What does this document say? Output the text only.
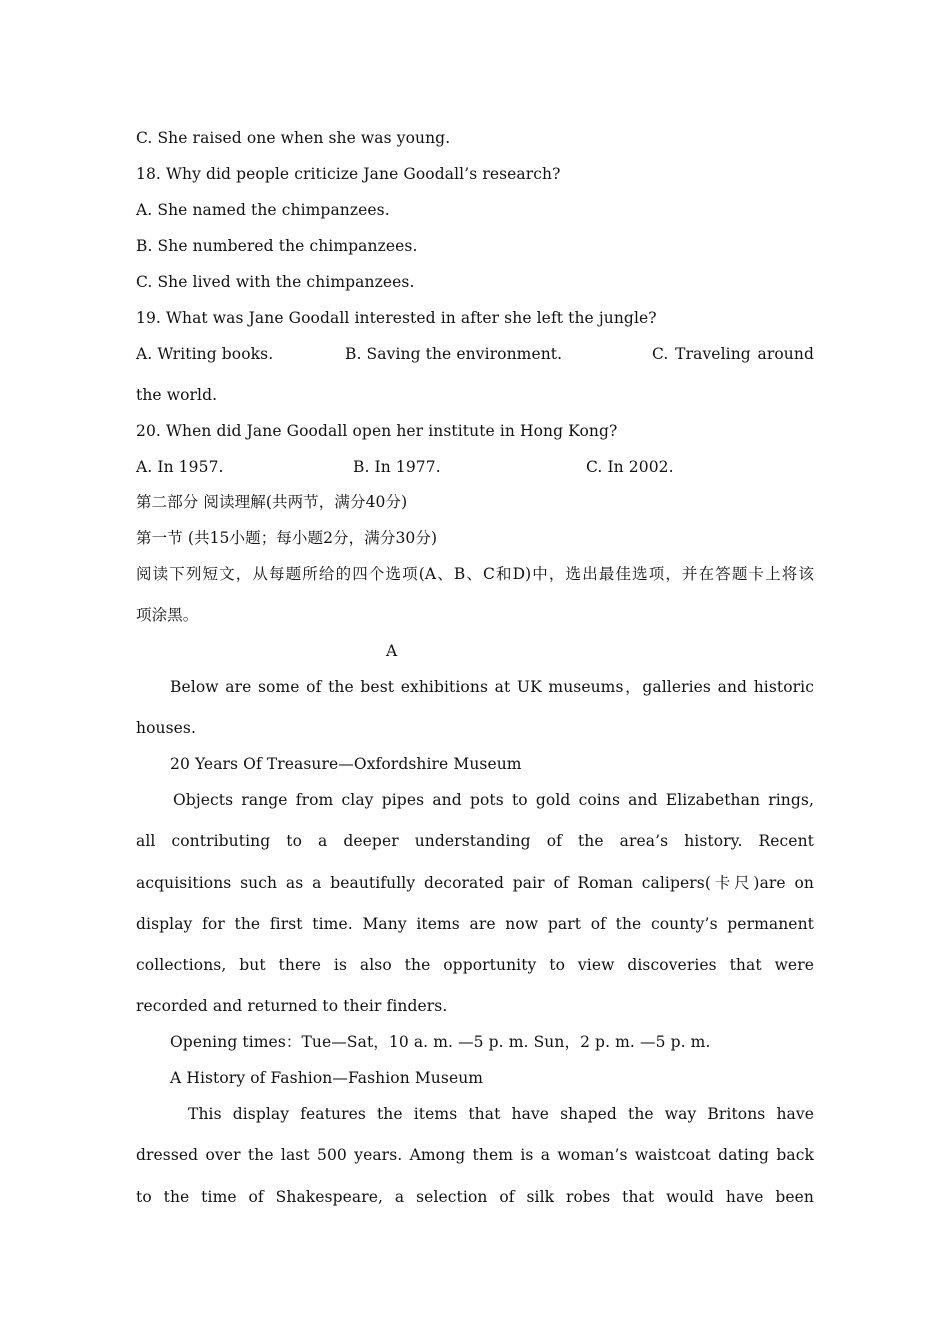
C. She raised one when she was young.
18. Why did people criticize Jane Goodall’s research?
A. She named the chimpanzees.
B. She numbered the chimpanzees.
C. She lived with the chimpanzees.
19. What was Jane Goodall interested in after she left the jungle?
A. Writing books.	B. Saving the environment.	C. Traveling around
the world.
20. When did Jane Goodall open her institute in Hong Kong?
A. In 1957.	B. In 1977.	C. In 2002.
第二部分 阅读理解(共两节，满分40分)
第一节 (共15小题；每小题2分，满分30分)
阅读下列短文，从每题所给的四个选项(A、B、C和D)中，选出最佳选项，并在答题卡上将该
项涂黑。
A
Below are some of the best exhibitions at UK museums，galleries and historic
houses.
20 Years Of Treasure—Oxfordshire Museum
Objects range from clay pipes and pots to gold coins and Elizabethan rings,
all contributing to a deeper understanding of the area’s history. Recent
acquisitions such as a beautifully decorated pair of Roman calipers(卡尺)are on
display for the first time. Many items are now part of the county’s permanent
collections, but there is also the opportunity to view discoveries that were
recorded and returned to their finders.
Opening times：Tue—Sat，10 a. m. —5 p. m. Sun，2 p. m. —5 p. m.
A History of Fashion—Fashion Museum
This display features the items that have shaped the way Britons have
dressed over the last 500 years. Among them is a woman’s waistcoat dating back
to the time of Shakespeare, a selection of silk robes that would have been
